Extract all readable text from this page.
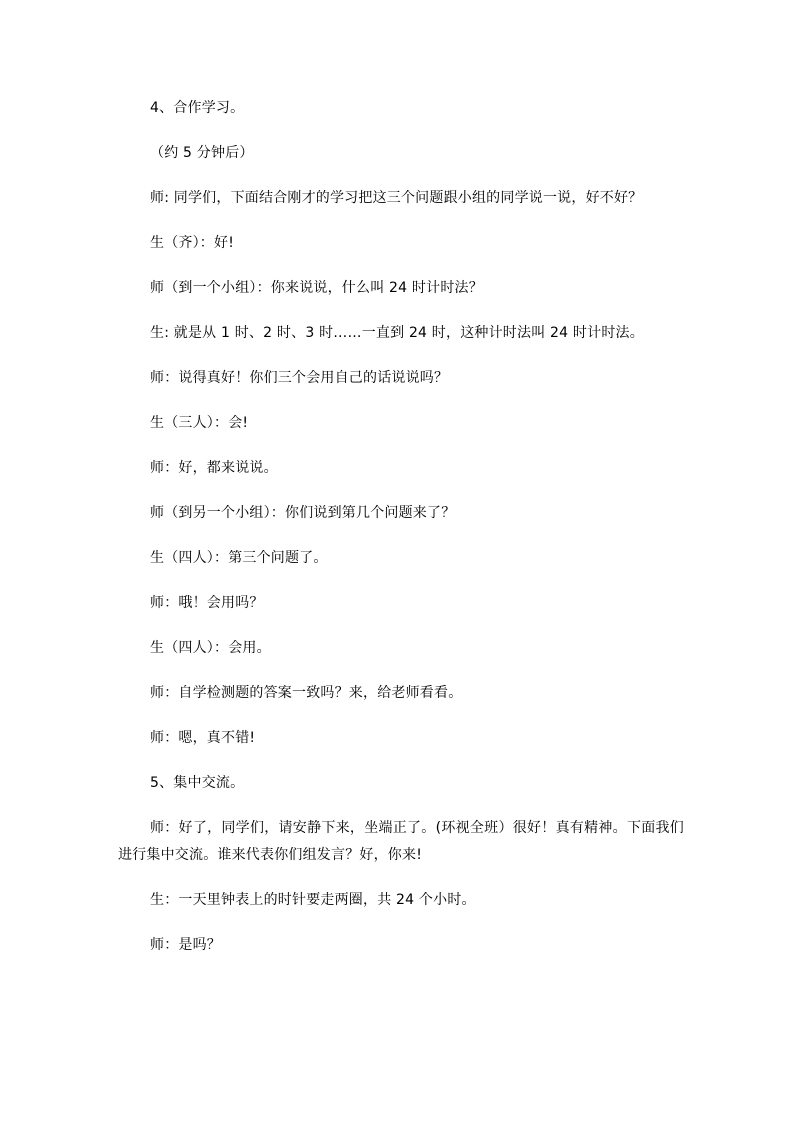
4、合作学习。

（约 5 分钟后）

师: 同学们，下面结合刚才的学习把这三个问题跟小组的同学说一说，好不好？

生（齐）：好!

师（到一个小组）：你来说说，什么叫 24 时计时法？

生: 就是从 1 时、2 时、3 时……一直到 24 时，这种计时法叫 24 时计时法。

师：说得真好！你们三个会用自己的话说说吗？

生（三人）：会!

师：好，都来说说。

师（到另一个小组）：你们说到第几个问题来了？

生（四人）：第三个问题了。

师：哦！会用吗？

生（四人）：会用。

师：自学检测题的答案一致吗？来，给老师看看。

师：嗯，真不错!

5、集中交流。

师：好了，同学们，请安静下来，坐端正了。(环视全班）很好！真有精神。下面我们进行集中交流。谁来代表你们组发言？好，你来!

生：一天里钟表上的时针要走两圈，共 24 个小时。

师：是吗？
